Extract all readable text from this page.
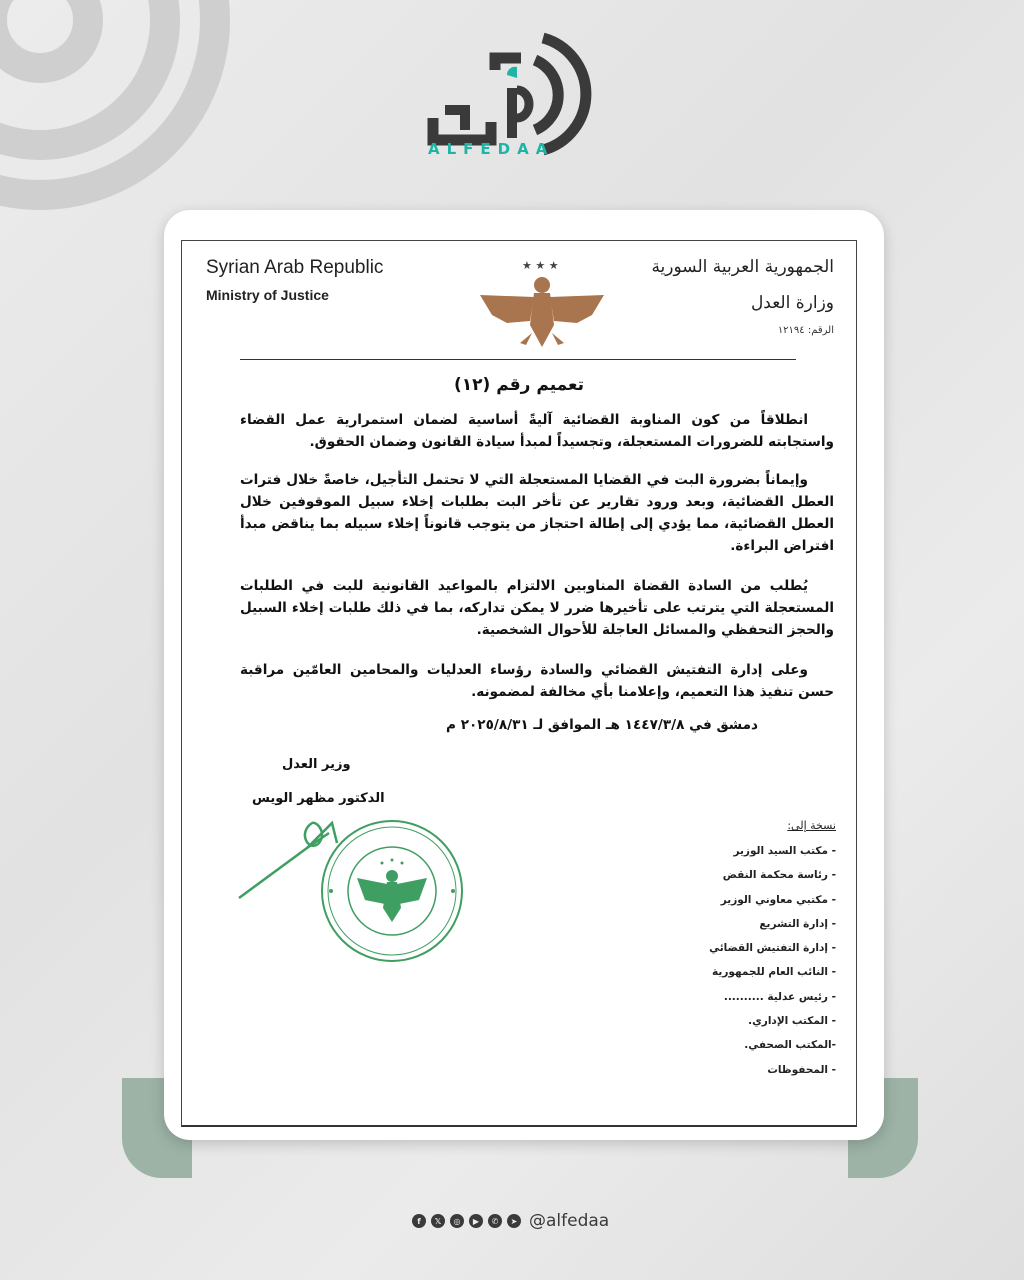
ALFEDAA
Syrian Arab Republic
Ministry of Justice
الجمهورية العربية السورية
وزارة العدل
الرقم: ١٢١٩٤
★ ★ ★
تعميم رقم (١٢)

انطلاقاً من كون المناوبة القضائية آليةً أساسية لضمان استمرارية عمل القضاء واستجابته للضرورات المستعجلة، وتجسيداً لمبدأ سيادة القانون وضمان الحقوق.

وإيماناً بضرورة البت في القضايا المستعجلة التي لا تحتمل التأجيل، خاصةً خلال فترات العطل القضائية، وبعد ورود تقارير عن تأخر البت بطلبات إخلاء سبيل الموقوفين خلال العطل القضائية، مما يؤدي إلى إطالة احتجاز من يتوجب قانوناً إخلاء سبيله بما يناقض مبدأ افتراض البراءة.

يُطلب من السادة القضاة المناوبين الالتزام بالمواعيد القانونية للبت في الطلبات المستعجلة التي يترتب على تأخيرها ضرر لا يمكن تداركه، بما في ذلك طلبات إخلاء السبيل والحجز التحفظي والمسائل العاجلة للأحوال الشخصية.

وعلى إدارة التفتيش القضائي والسادة رؤساء العدليات والمحامين العامّين مراقبة حسن تنفيذ هذا التعميم، وإعلامنا بأي مخالفة لمضمونه.

دمشق في ١٤٤٧/٣/٨ هـ الموافق لـ ٢٠٢٥/٨/٣١ م
وزير العدل
الدكتور مظهر الويس
نسخة إلى:
- مكتب السيد الوزير
- رئاسة محكمة النقض
- مكتبي معاوني الوزير
- إدارة التشريع
- إدارة التفتيش القضائي
- النائب العام للجمهورية
- رئيس عدلية ..........
- المكتب الإداري.
-المكتب الصحفي.
- المحفوظات
f	𝕏	◎	▶	✆	➤ @alfedaa
